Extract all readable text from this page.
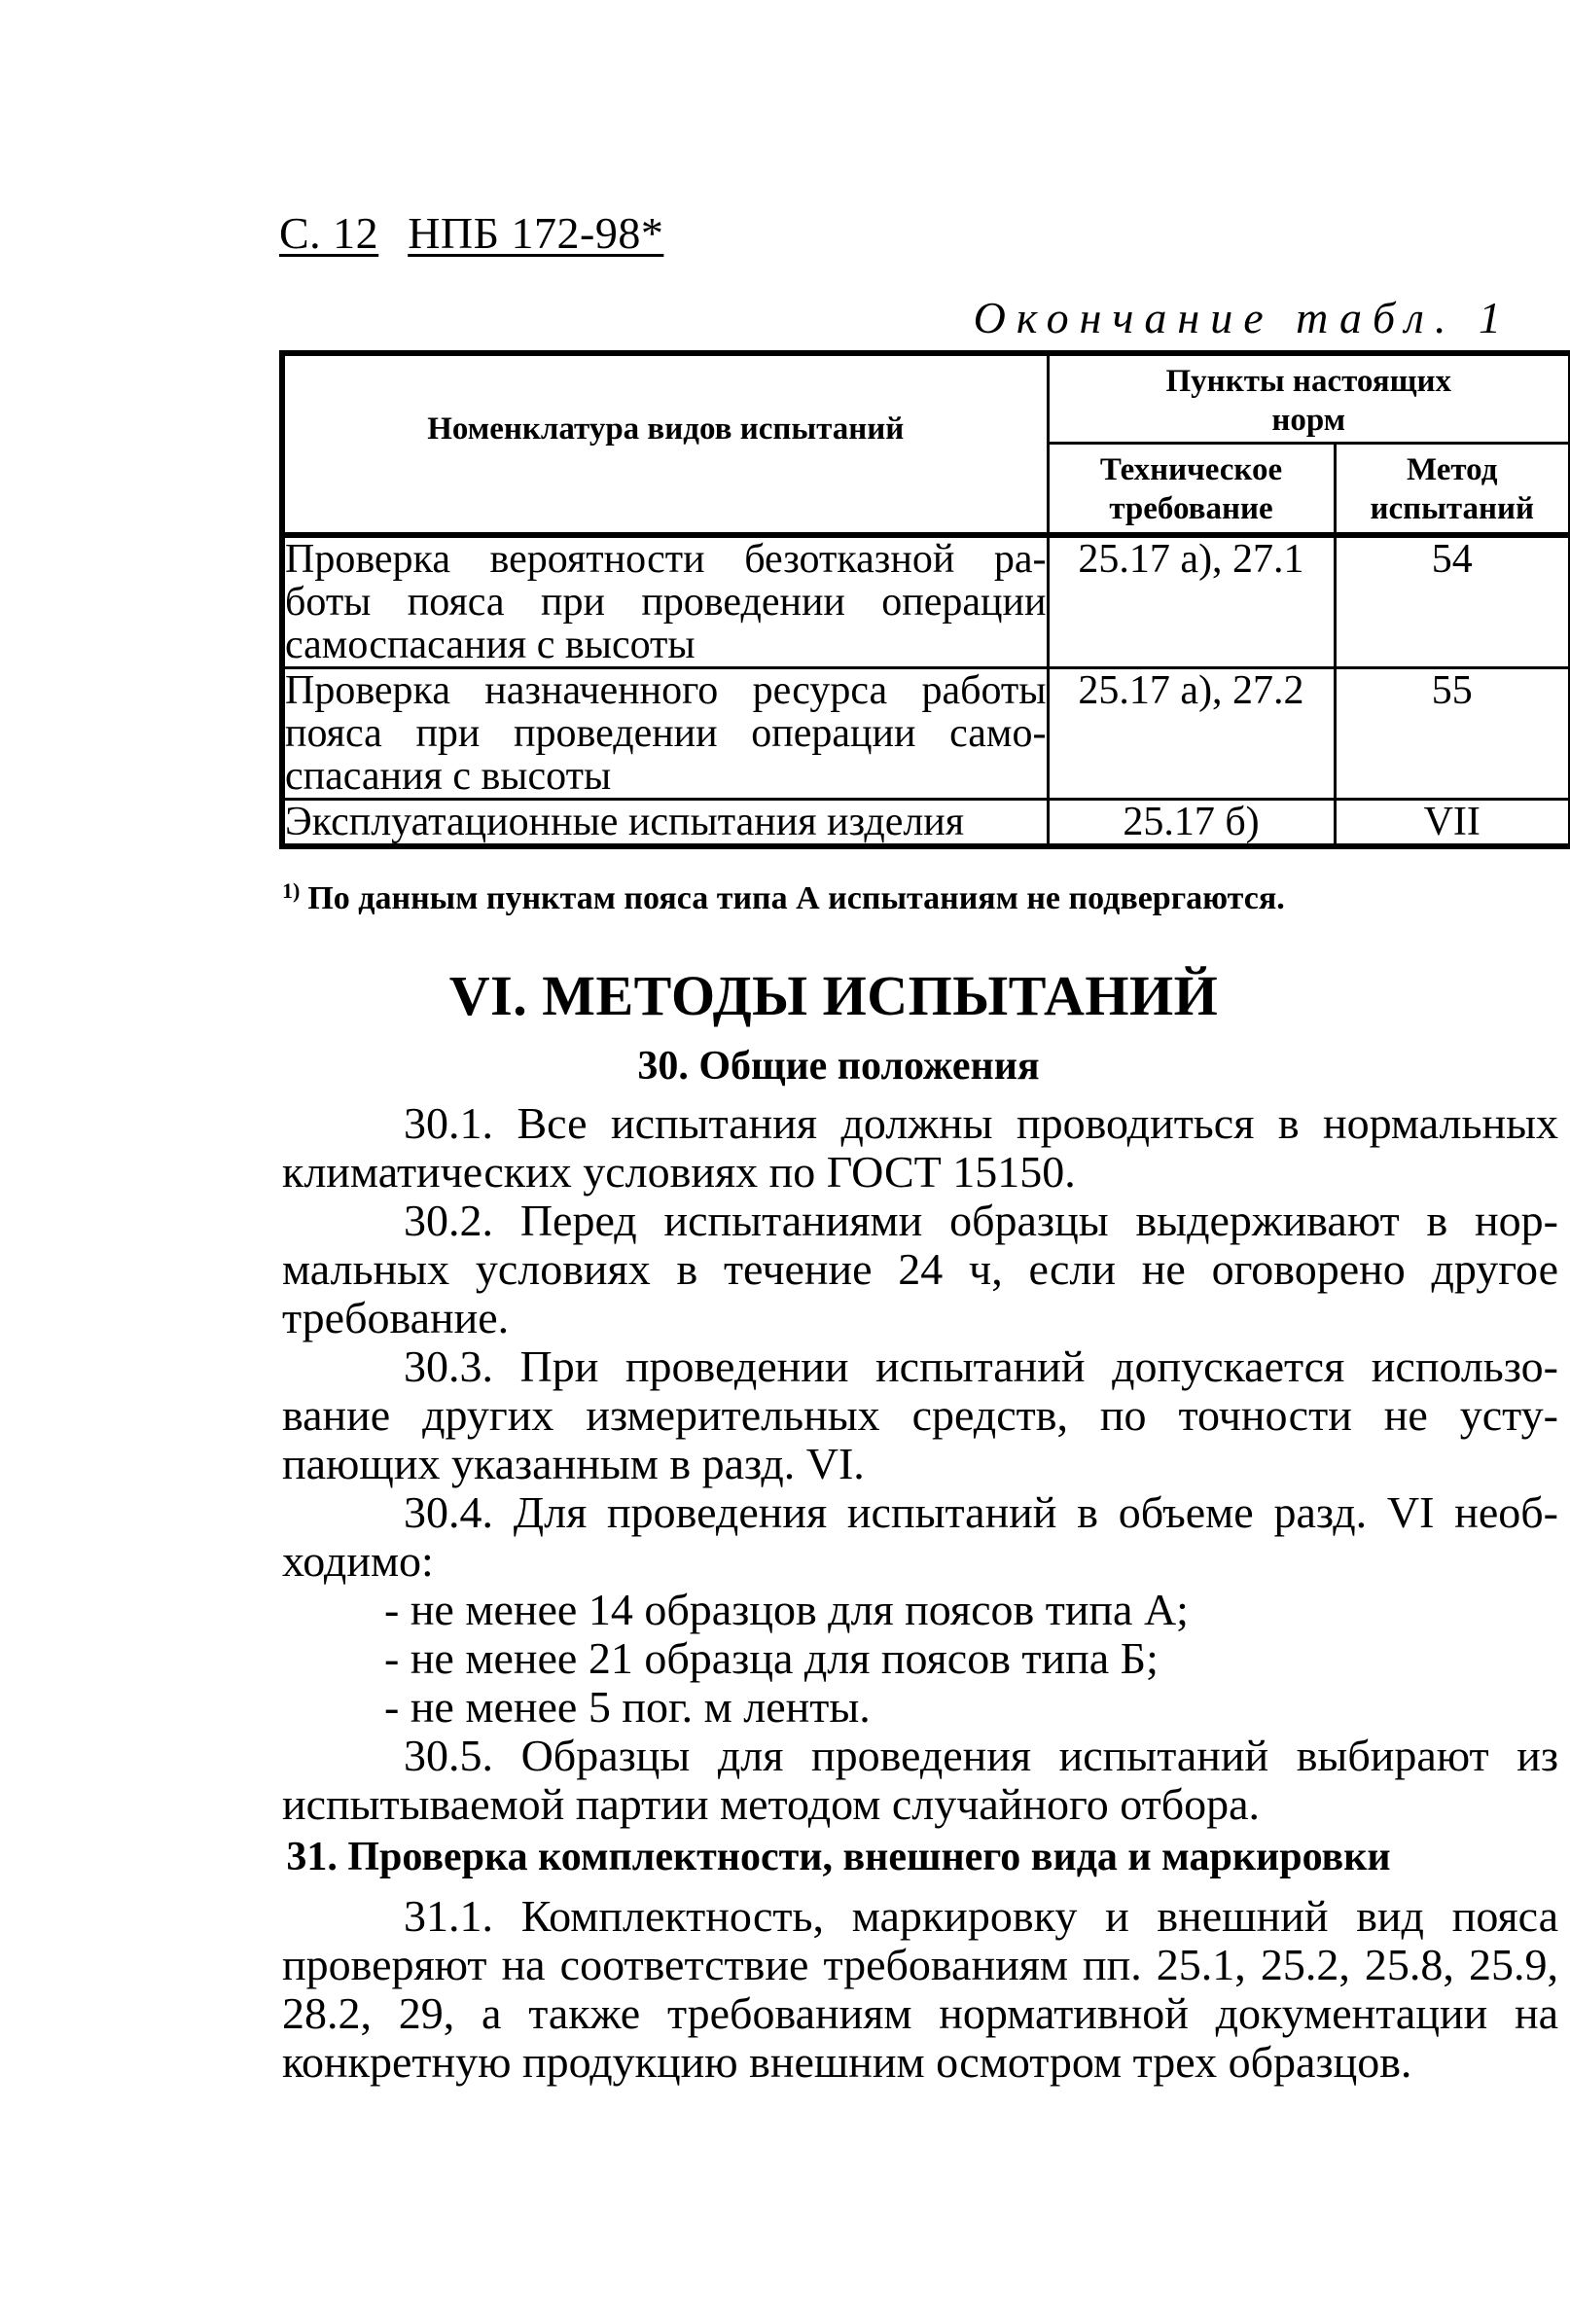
С. 12 НПБ 172-98*
Окончание табл. 1
Номенклатура видов испытаний	Пункты настоящих норм	

	Техническое требование	Метод испытаний

Проверка вероятности безотказной ра-
боты пояса при проведении операции
самоспасания с высоты	25.17 а), 27.1	54

Проверка назначенного ресурса работы
пояса при проведении операции само-
спасания с высоты	25.17 а), 27.2	55

Эксплуатационные испытания изделия	25.17 б)	VII
$^{1)}$ По данным пунктам пояса типа А испытаниям не подвергаются.
VI. МЕТОДЫ ИСПЫТАНИЙ
30. Общие положения
30.1. Все испытания должны проводиться в нормальных
климатических условиях по ГОСТ 15150.
30.2. Перед испытаниями образцы выдерживают в нор-
мальных условиях в течение 24 ч, если не оговорено другое
требование.
30.3. При проведении испытаний допускается использо-
вание других измерительных средств, по точности не усту-
пающих указанным в разд. VI.
30.4. Для проведения испытаний в объеме разд. VI необ-
ходимо:
- не менее 14 образцов для поясов типа А;
- не менее 21 образца для поясов типа Б;
- не менее 5 пог. м ленты.
30.5. Образцы для проведения испытаний выбирают из
испытываемой партии методом случайного отбора.
31. Проверка комплектности, внешнего вида и маркировки
31.1. Комплектность, маркировку и внешний вид пояса
проверяют на соответствие требованиям пп. 25.1, 25.2, 25.8, 25.9,
28.2, 29, а также требованиям нормативной документации на
конкретную продукцию внешним осмотром трех образцов.
